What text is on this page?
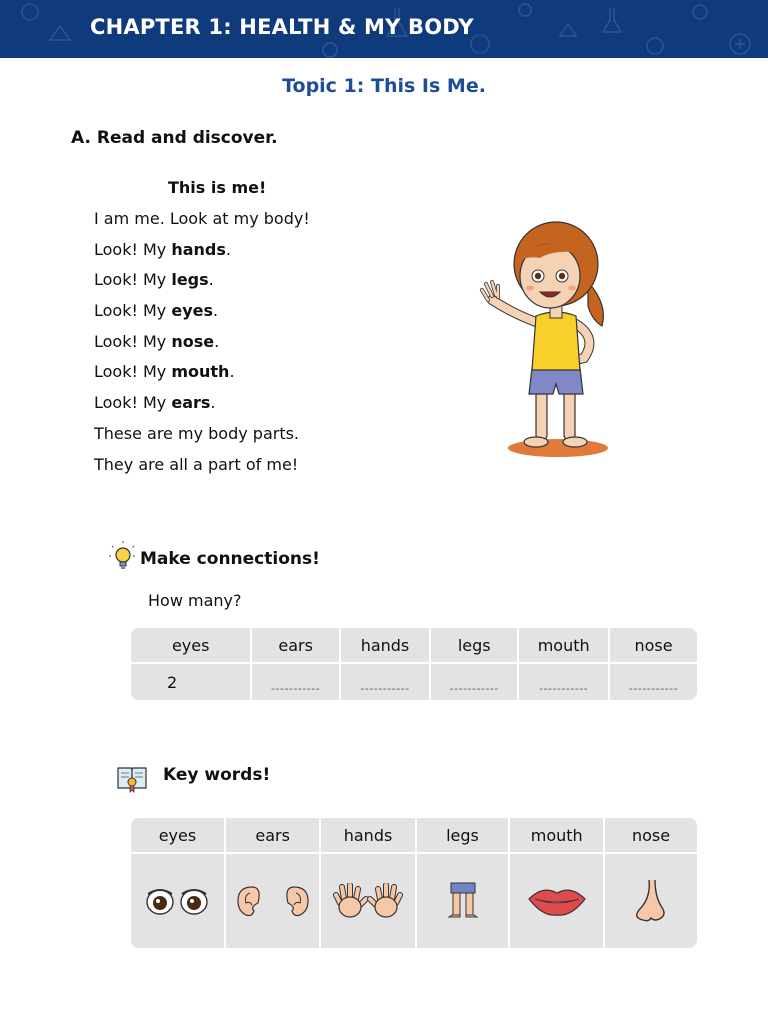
CHAPTER 1: HEALTH & MY BODY
Topic 1: This Is Me.
A. Read and discover.
This is me!
I am me. Look at my body!
Look! My hands.
Look! My legs.
Look! My eyes.
Look! My nose.
Look! My mouth.
Look! My ears.
These are my body parts.
They are all a part of me!
Make connections!
How many?
eyes	ears	hands	legs	mouth	nose
2	-----------	-----------	-----------	-----------	-----------
Key words!
eyes	ears	hands	legs	mouth	nose
